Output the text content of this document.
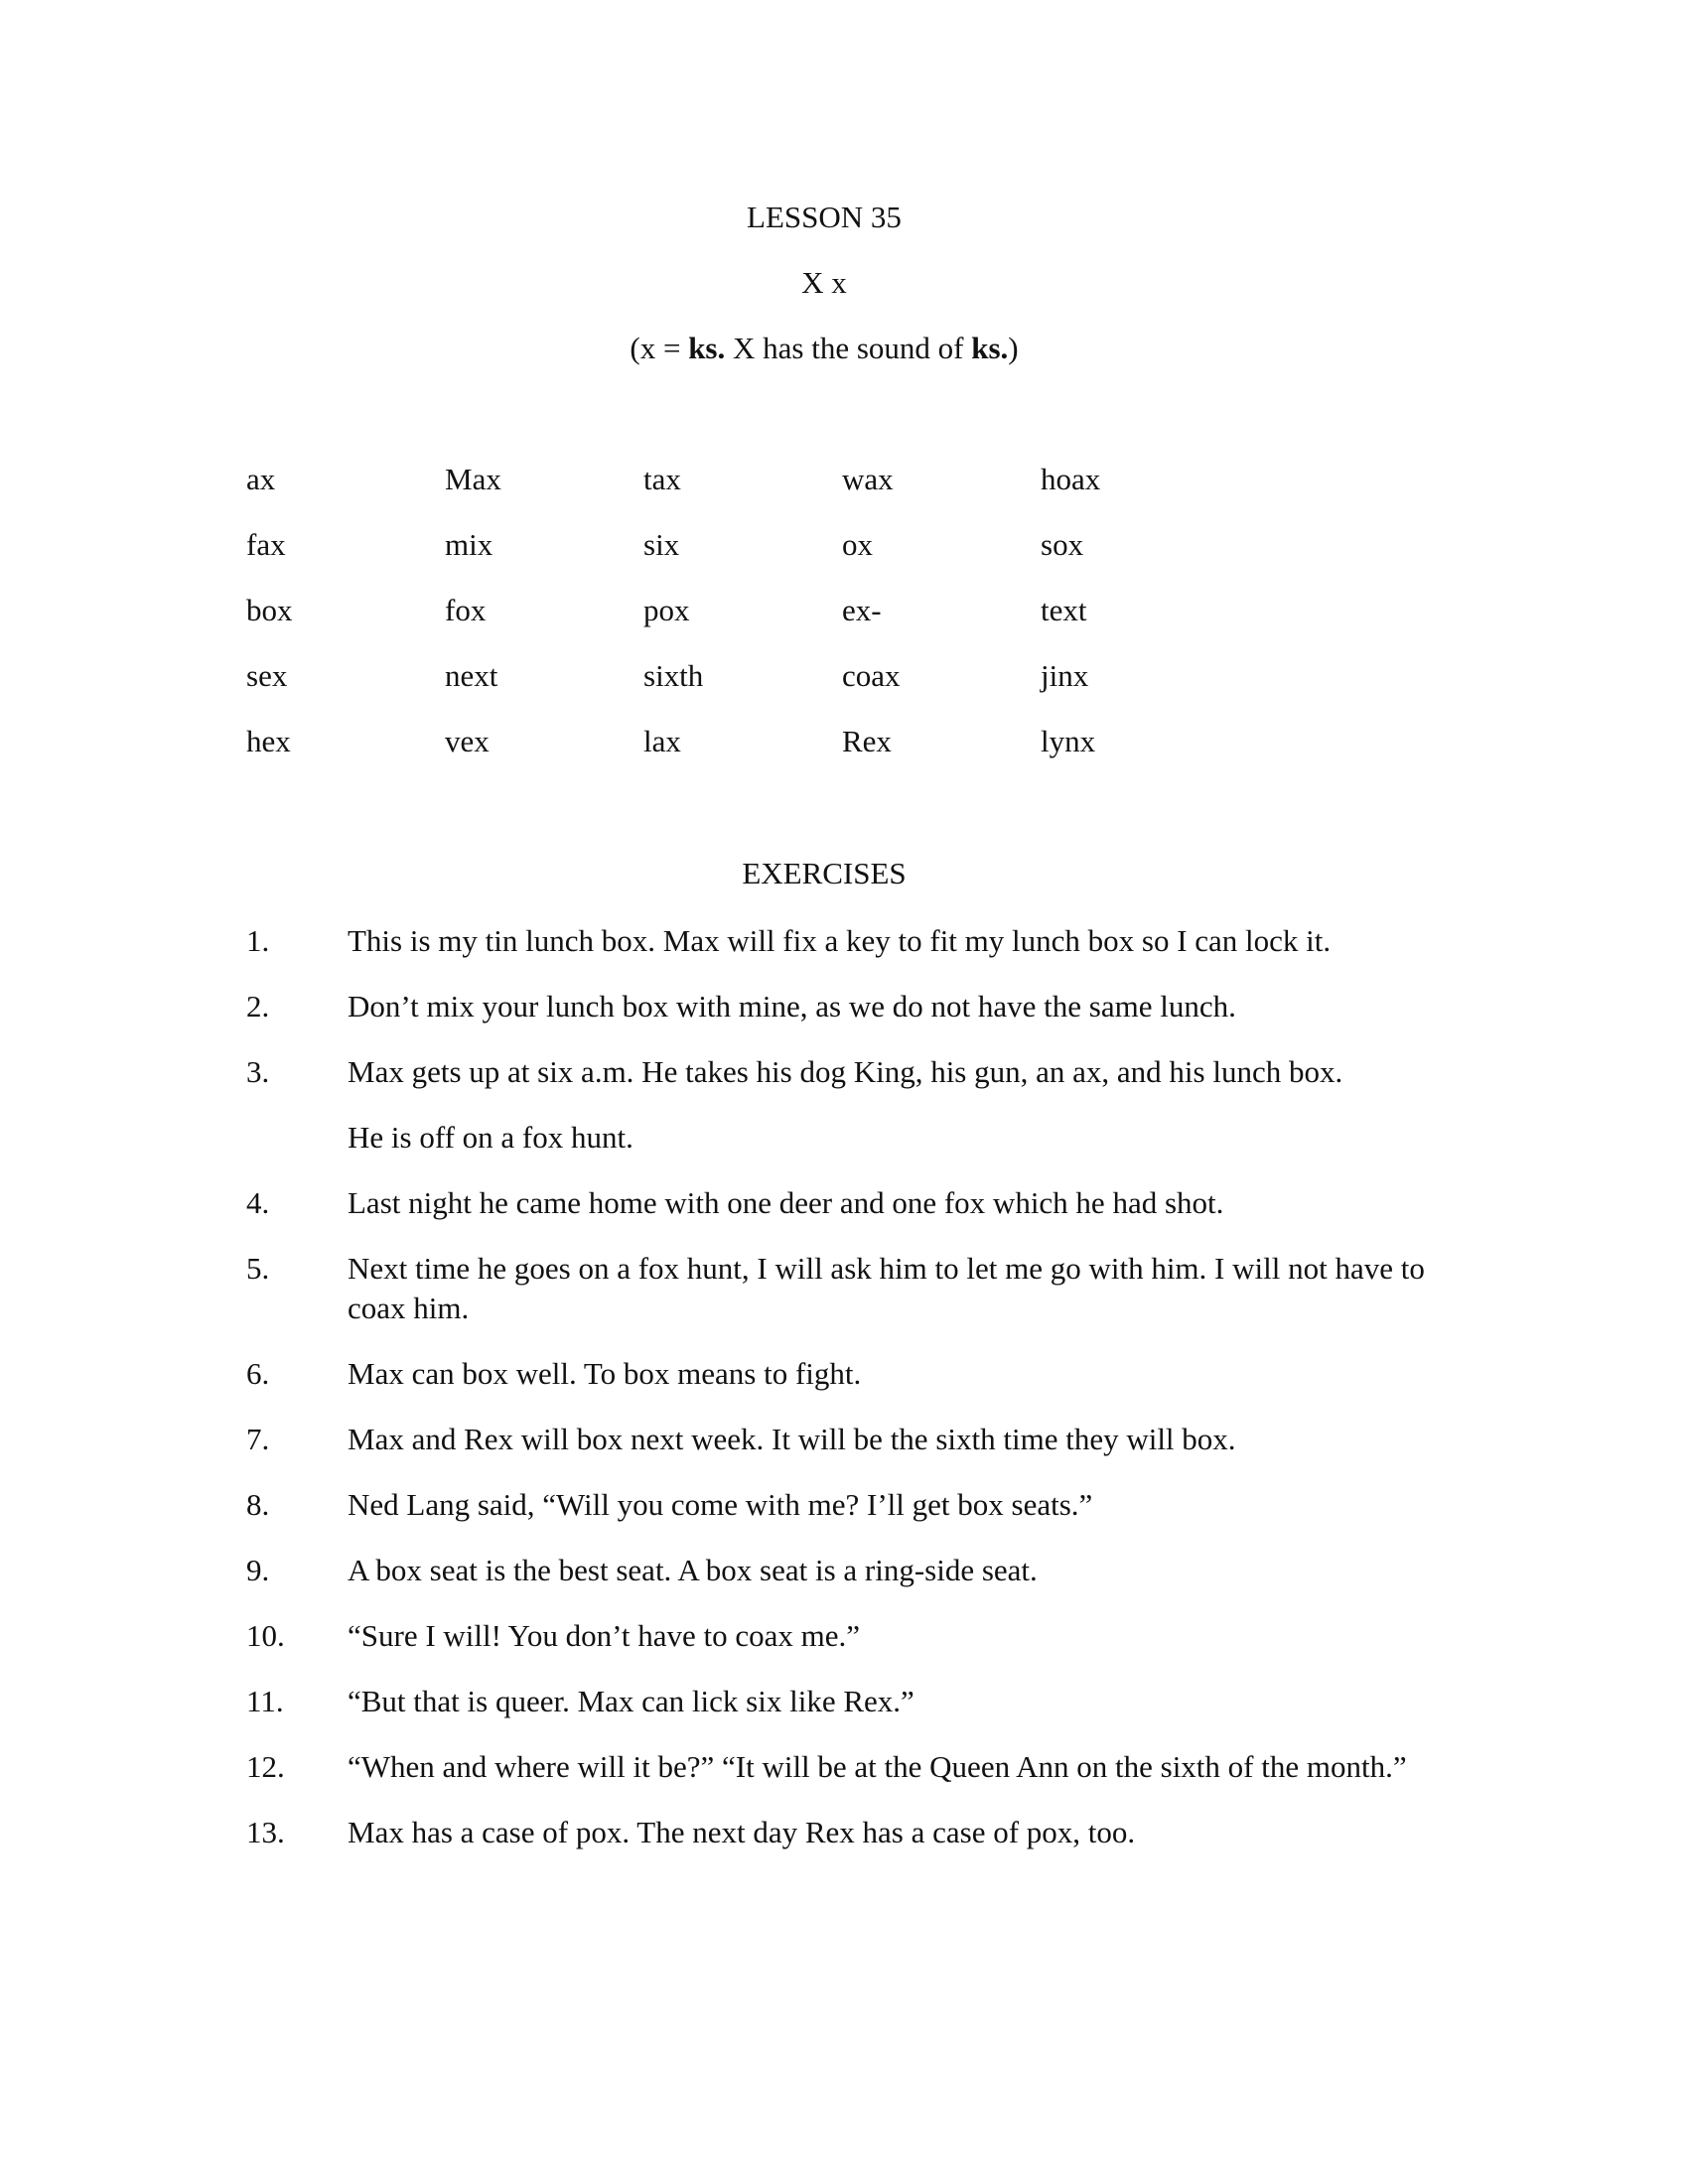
LESSON 35
X x
(x = ks. X has the sound of ks.)
ax	Max	tax	wax	hoax
fax	mix	six	ox	sox
box	fox	pox	ex-	text
sex	next	sixth	coax	jinx
hex	vex	lax	Rex	lynx
EXERCISES
1.	This is my tin lunch box. Max will fix a key to fit my lunch box so I can lock it.
2.	Don’t mix your lunch box with mine, as we do not have the same lunch.
3.	Max gets up at six a.m. He takes his dog King, his gun, an ax, and his lunch box.
He is off on a fox hunt.
4.	Last night he came home with one deer and one fox which he had shot.
5.	Next time he goes on a fox hunt, I will ask him to let me go with him. I will not have to coax him.
6.	Max can box well. To box means to fight.
7.	Max and Rex will box next week. It will be the sixth time they will box.
8.	Ned Lang said, “Will you come with me? I’ll get box seats.”
9.	A box seat is the best seat. A box seat is a ring-side seat.
10. “Sure I will! You don’t have to coax me.”
11. “But that is queer. Max can lick six like Rex.”
12. “When and where will it be?” “It will be at the Queen Ann on the sixth of the month.”
13. Max has a case of pox. The next day Rex has a case of pox, too.
